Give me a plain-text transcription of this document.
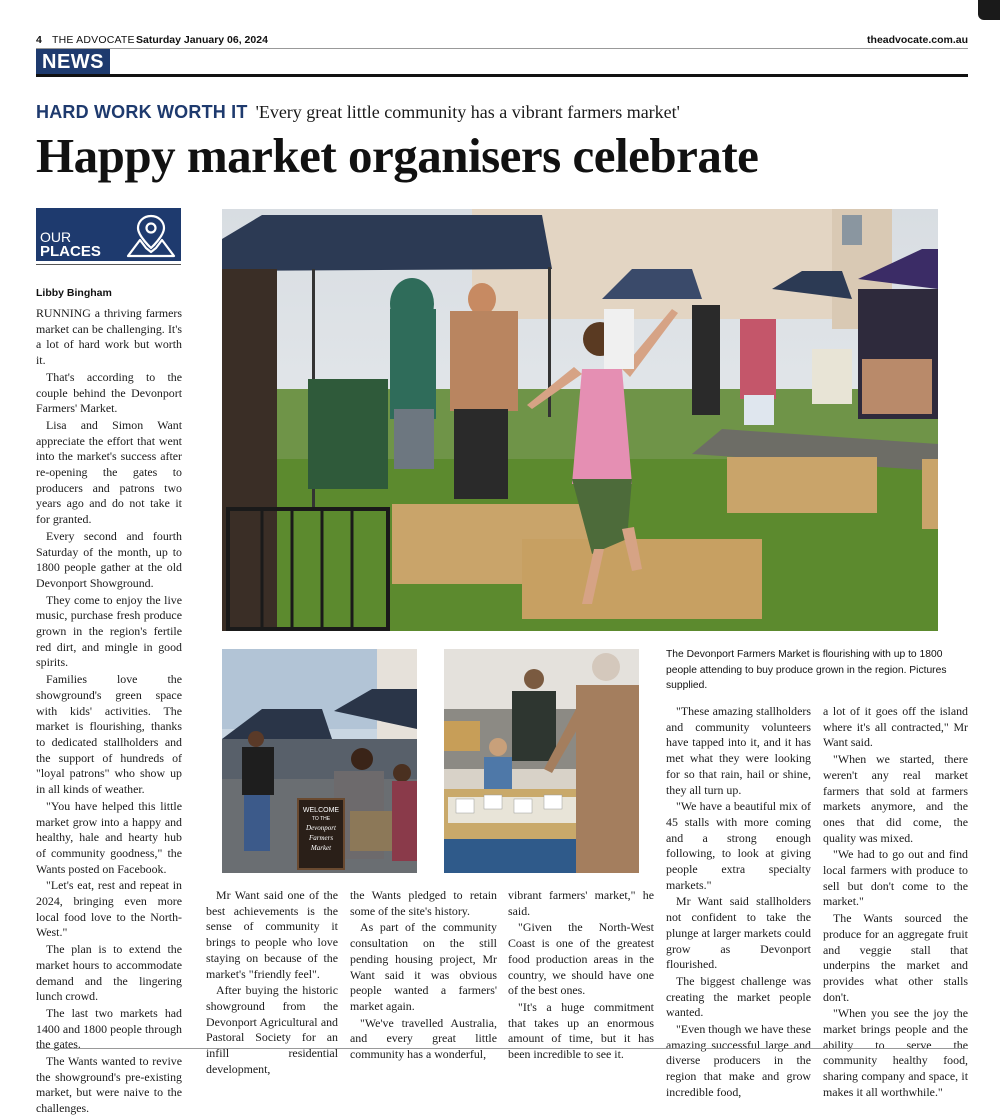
4 THE ADVOCATE Saturday January 06, 2024	theadvocate.com.au
NEWS
HARD WORK WORTH IT 'Every great little community has a vibrant farmers market'
Happy market organisers celebrate
OUR
PLACES
Libby Bingham
WELCOME
TO THE
Devonport
Farmers
Market
The Devonport Farmers Market is flourishing with up to 1800 people attending to buy produce grown in the region. Pictures supplied.

RUNNING a thriving farmers market can be challenging. It's a lot of hard work but worth it.

That's according to the couple behind the Devonport Farmers' Market.

Lisa and Simon Want appreciate the effort that went into the market's success after re-opening the gates to producers and patrons two years ago and do not take it for granted.

Every second and fourth Saturday of the month, up to 1800 people gather at the old Devonport Showground.

They come to enjoy the live music, purchase fresh produce grown in the region's fertile red dirt, and mingle in good spirits.

Families love the showground's green space with kids' activities. The market is flourishing, thanks to dedicated stallholders and the support of hundreds of "loyal patrons" who show up in all kinds of weather.

"You have helped this little market grow into a happy and healthy, hale and hearty hub of community goodness," the Wants posted on Facebook.

"Let's eat, rest and repeat in 2024, bringing even more local food love to the North-West."

The plan is to extend the market hours to accommodate demand and the lingering lunch crowd.

The last two markets had 1400 and 1800 people through the gates.

The Wants wanted to revive the showground's pre-existing market, but were naive to the challenges.

Mr Want said one of the best achievements is the sense of community it brings to people who love staying on because of the market's "friendly feel".

After buying the historic showground from the Devonport Agricultural and Pastoral Society for an infill residential development,

the Wants pledged to retain some of the site's history.

As part of the community consultation on the still pending housing project, Mr Want said it was obvious people wanted a farmers' market again.

"We've travelled Australia, and every great little community has a wonderful,

vibrant farmers' market," he said.

"Given the North-West Coast is one of the greatest food production areas in the country, we should have one of the best ones.

"It's a huge commitment that takes up an enormous amount of time, but it has been incredible to see it.

"These amazing stallholders and community volunteers have tapped into it, and it has met what they were looking for so that rain, hail or shine, they all turn up.

"We have a beautiful mix of 45 stalls with more coming and a strong enough following, to look at giving people extra specialty markets."

Mr Want said stallholders not confident to take the plunge at larger markets could grow as Devonport flourished.

The biggest challenge was creating the market people wanted.

"Even though we have these amazing successful large and diverse producers in the region that make and grow incredible food,

a lot of it goes off the island where it's all contracted," Mr Want said.

"When we started, there weren't any real market farmers that sold at farmers markets anymore, and the ones that did come, the quality was mixed.

"We had to go out and find local farmers with produce to sell but don't come to the market."

The Wants sourced the produce for an aggregate fruit and veggie stall that underpins the market and provides what other stalls don't.

"When you see the joy the market brings people and the ability to serve the community healthy food, sharing company and space, it makes it all worthwhile."
